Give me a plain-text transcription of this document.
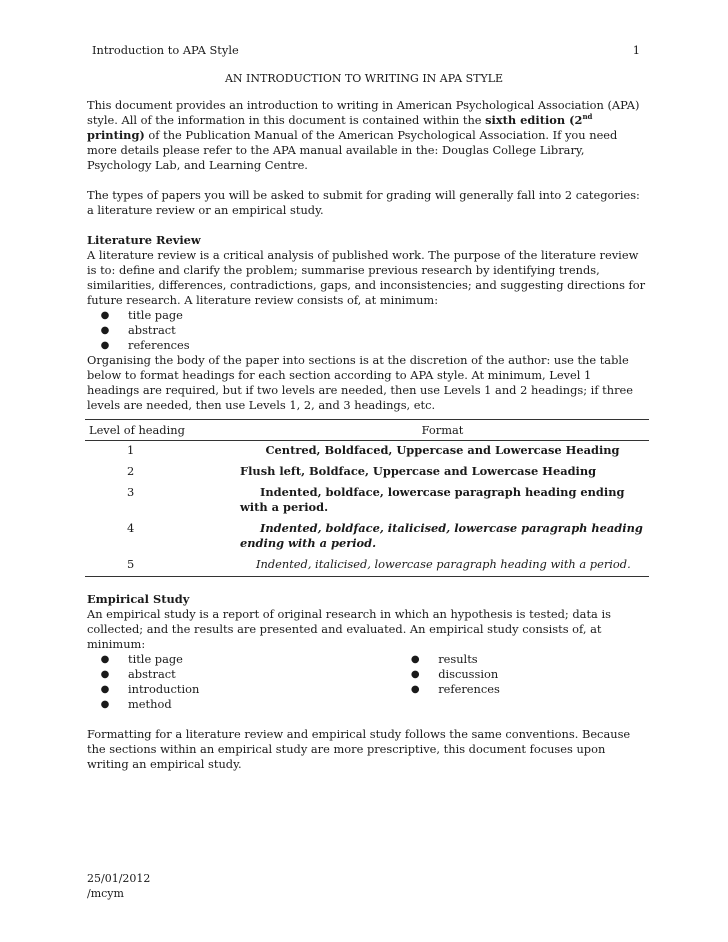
Introduction to APA Style	1
AN INTRODUCTION TO WRITING IN APA STYLE

This document provides an introduction to writing in American Psychological Association (APA) style. All of the information in this document is contained within the sixth edition (2nd
printing) of the Publication Manual of the American Psychological Association. If you need more details please refer to the APA manual available in the: Douglas College Library, Psychology Lab, and Learning Centre.

The types of papers you will be asked to submit for grading will generally fall into 2 categories: a literature review or an empirical study.

Literature Review

A literature review is a critical analysis of published work. The purpose of the literature review is to: define and clarify the problem; summarise previous research by identifying trends, similarities, differences, contradictions, gaps, and inconsistencies; and suggesting directions for future research. A literature review consists of, at minimum:

● title page
● abstract
● references

Organising the body of the paper into sections is at the discretion of the author: use the table below to format headings for each section according to APA style. At minimum, Level 1 headings are required, but if two levels are needed, then use Levels 1 and 2 headings; if three levels are needed, then use Levels 1, 2, and 3 headings, etc.

Level of heading	Format
1	Centred, Boldfaced, Uppercase and Lowercase Heading
2	Flush left, Boldface, Uppercase and Lowercase Heading
3	Indented, boldface, lowercase paragraph heading ending with a period.
4	Indented, boldface, italicised, lowercase paragraph heading ending with a period.
5	Indented, italicised, lowercase paragraph heading with a period.

Empirical Study

An empirical study is a report of original research in which an hypothesis is tested; data is collected; and the results are presented and evaluated. An empirical study consists of, at minimum:

● title page
● abstract
● introduction
● method
● results
● discussion
● references

Formatting for a literature review and empirical study follows the same conventions. Because the sections within an empirical study are more prescriptive, this document focuses upon writing an empirical study.

25/01/2012
/mcym
